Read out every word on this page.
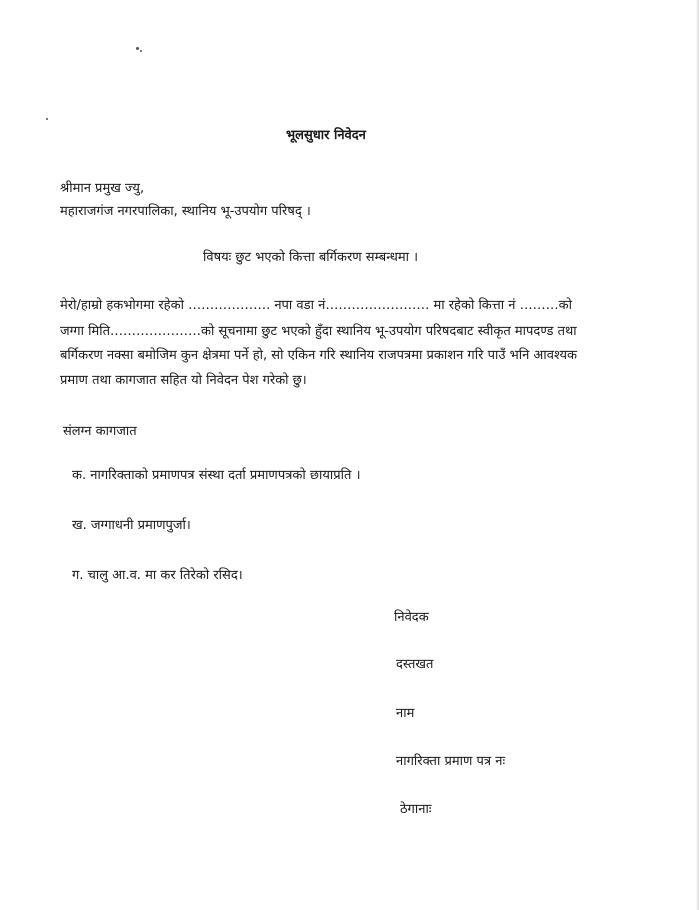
भूलसुधार निवेदन
श्रीमान प्रमुख ज्यु,
महाराजगंज नगरपालिका, स्थानिय भू-उपयोग परिषद् ।
विषयः छुट भएको कित्ता बर्गिकरण सम्बन्धमा ।
मेरो/हाम्रो हकभोगमा रहेको ………………. नपा वडा नं…………………… मा रहेको कित्ता नं ………को
जग्गा मिति…………………को सूचनामा छुट भएको हुँदा स्थानिय भू-उपयोग परिषदबाट स्वीकृत मापदण्ड तथा
बर्गिकरण नक्सा बमोजिम कुन क्षेत्रमा पर्ने हो, सो एकिन गरि स्थानिय राजपत्रमा प्रकाशन गरि पाउँ भनि आवश्यक
प्रमाण तथा कागजात सहित यो निवेदन पेश गरेको छु।
संलग्न कागजात
क. नागरिक्ताको प्रमाणपत्र संस्था दर्ता प्रमाणपत्रको छायाप्रति ।
ख. जग्गाधनी प्रमाणपुर्जा।
ग. चालु आ.व. मा कर तिरेको रसिद।
निवेदक
दस्तखत
नाम
नागरिक्ता प्रमाण पत्र नः
ठेगानाः
